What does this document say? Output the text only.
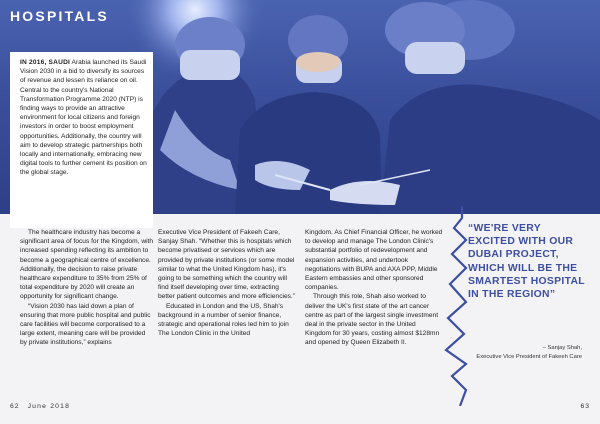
HOSPITALS

IN 2016, SAUDI Arabia launched its Saudi Vision 2030 in a bid to diversify its sources of revenue and lessen its reliance on oil. Central to the country's National Transformation Programme 2020 (NTP) is finding ways to provide an attractive environment for local citizens and foreign investors in order to boost employment opportunities. Additionally, the country will aim to develop strategic partnerships both locally and internationally, embracing new digital tools to further cement its position on the global stage.

The healthcare industry has become a significant area of focus for the Kingdom, with increased spending reflecting its ambition to become a geographical centre of excellence. Additionally, the decision to raise private healthcare expenditure to 35% from 25% of total expenditure by 2020 will create an opportunity for significant change.

“Vision 2030 has laid down a plan of ensuring that more public hospital and public care facilities will become corporatised to a large extent, meaning care will be provided by private institutions,” explains

Executive Vice President of Fakeeh Care, Sanjay Shah. “Whether this is hospitals which become privatised or services which are provided by private institutions (or some model similar to what the United Kingdom has), it's going to be something which the country will find itself developing over time, extracting better patient outcomes and more efficiencies.”

Educated in London and the US, Shah's background in a number of senior finance, strategic and operational roles led him to join The London Clinic in the United

Kingdom. As Chief Financial Officer, he worked to develop and manage The London Clinic's substantial portfolio of redevelopment and expansion activities, and undertook negotiations with BUPA and AXA PPP, Middle Eastern embassies and other sponsored companies.

Through this role, Shah also worked to deliver the UK's first state of the art cancer centre as part of the largest single investment deal in the private sector in the United Kingdom for 30 years, costing almost $128mn and opened by Queen Elizabeth II.

“WE'RE VERY EXCITED WITH OUR DUBAI PROJECT, WHICH WILL BE THE SMARTEST HOSPITAL IN THE REGION”

– Sanjay Shah,
Executive Vice President of Fakeeh Care
62 June 2018	63
